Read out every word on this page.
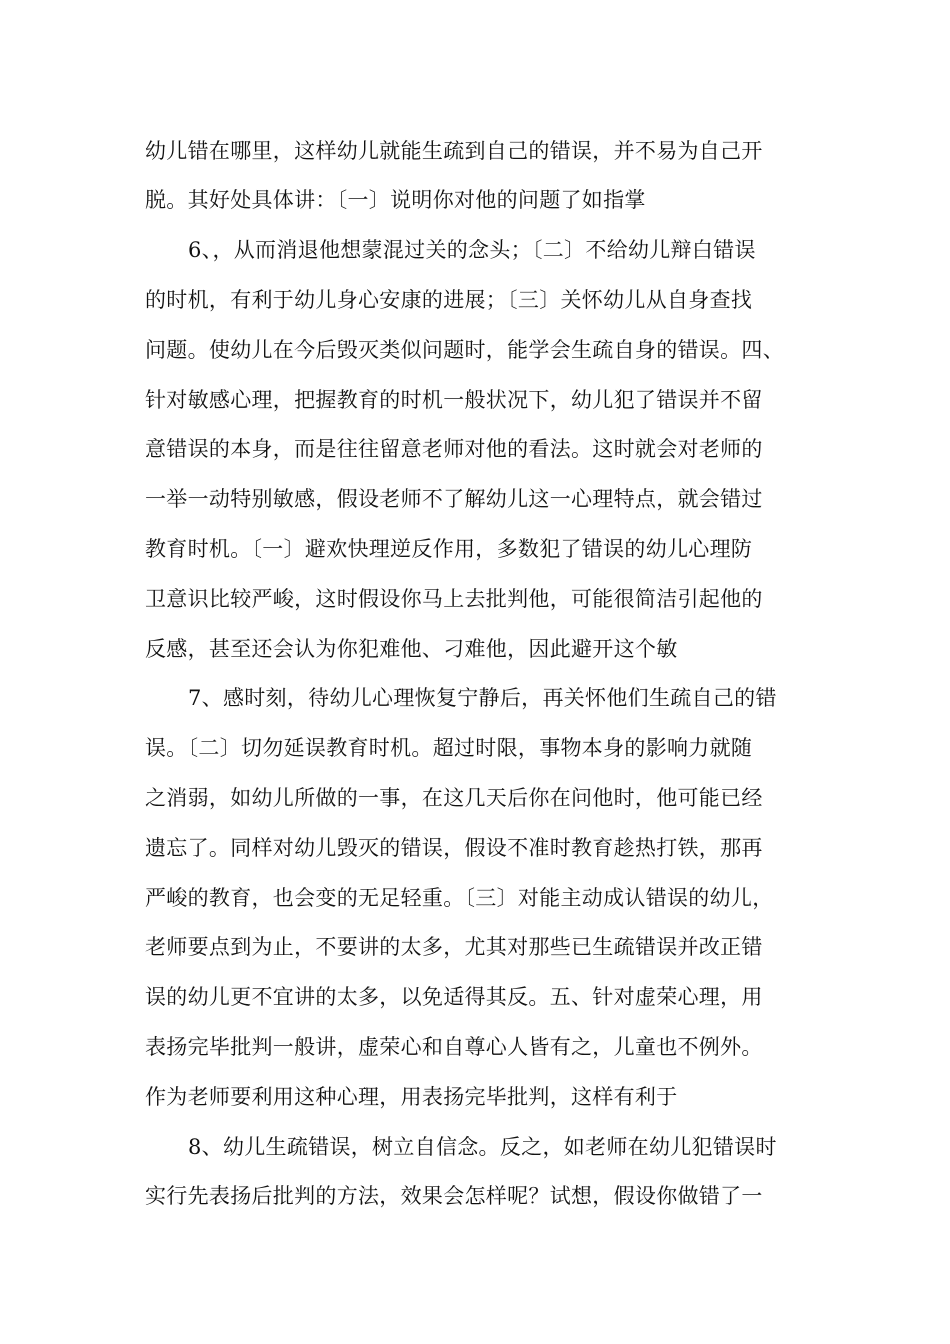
幼儿错在哪里，这样幼儿就能生疏到自己的错误，并不易为自己开
脱。其好处具体讲：〔一〕说明你对他的问题了如指掌
6、，从而消退他想蒙混过关的念头；〔二〕不给幼儿辩白错误
的时机，有利于幼儿身心安康的进展；〔三〕关怀幼儿从自身查找
问题。使幼儿在今后毁灭类似问题时，能学会生疏自身的错误。四、
针对敏感心理，把握教育的时机一般状况下，幼儿犯了错误并不留
意错误的本身，而是往往留意老师对他的看法。这时就会对老师的
一举一动特别敏感，假设老师不了解幼儿这一心理特点，就会错过
教育时机。〔一〕避欢快理逆反作用，多数犯了错误的幼儿心理防
卫意识比较严峻，这时假设你马上去批判他，可能很简洁引起他的
反感，甚至还会认为你犯难他、刁难他，因此避开这个敏
7、感时刻，待幼儿心理恢复宁静后，再关怀他们生疏自己的错
误。〔二〕切勿延误教育时机。超过时限，事物本身的影响力就随
之消弱，如幼儿所做的一事，在这几天后你在问他时，他可能已经
遗忘了。同样对幼儿毁灭的错误，假设不准时教育趁热打铁，那再
严峻的教育，也会变的无足轻重。〔三〕对能主动成认错误的幼儿，
老师要点到为止，不要讲的太多，尤其对那些已生疏错误并改正错
误的幼儿更不宜讲的太多，以免适得其反。五、针对虚荣心理，用
表扬完毕批判一般讲，虚荣心和自尊心人皆有之，儿童也不例外。
作为老师要利用这种心理，用表扬完毕批判，这样有利于
8、幼儿生疏错误，树立自信念。反之，如老师在幼儿犯错误时
实行先表扬后批判的方法，效果会怎样呢？试想，假设你做错了一
